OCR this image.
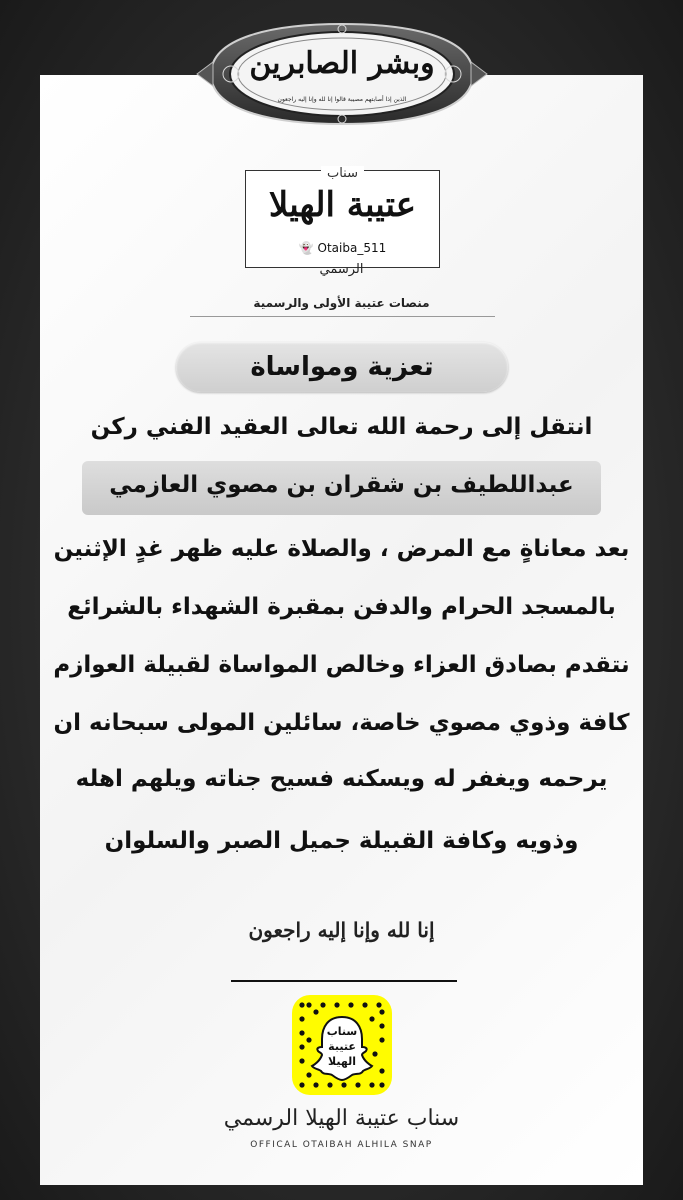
وبشر الصابرين
الذين إذا أصابتهم مصيبة قالوا إنا لله وإنا إليه راجعون
سناب
عتيبة الهيلا
👻 Otaiba_511
الرسمي
منصات عتيبة الأولى والرسمية
تعزية ومواساة
انتقل إلى رحمة الله تعالى العقيد الفني ركن
عبداللطيف بن شقران بن مصوي العازمي
بعد معاناةٍ مع المرض ، والصلاة عليه ظهر غدٍ الإثنين
بالمسجد الحرام والدفن بمقبرة الشهداء بالشرائع
نتقدم بصادق العزاء وخالص المواساة لقبيلة العوازم
كافة وذوي مصوي خاصة، سائلين المولى سبحانه ان
يرحمه ويغفر له ويسكنه فسيح جناته ويلهم اهله
وذويه وكافة القبيلة جميل الصبر والسلوان
إنا لله وإنا إليه راجعون
سناب
عتيبة
الهيلا
سناب عتيبة الهيلا الرسمي
OFFICAL OTAIBAH ALHILA SNAP
